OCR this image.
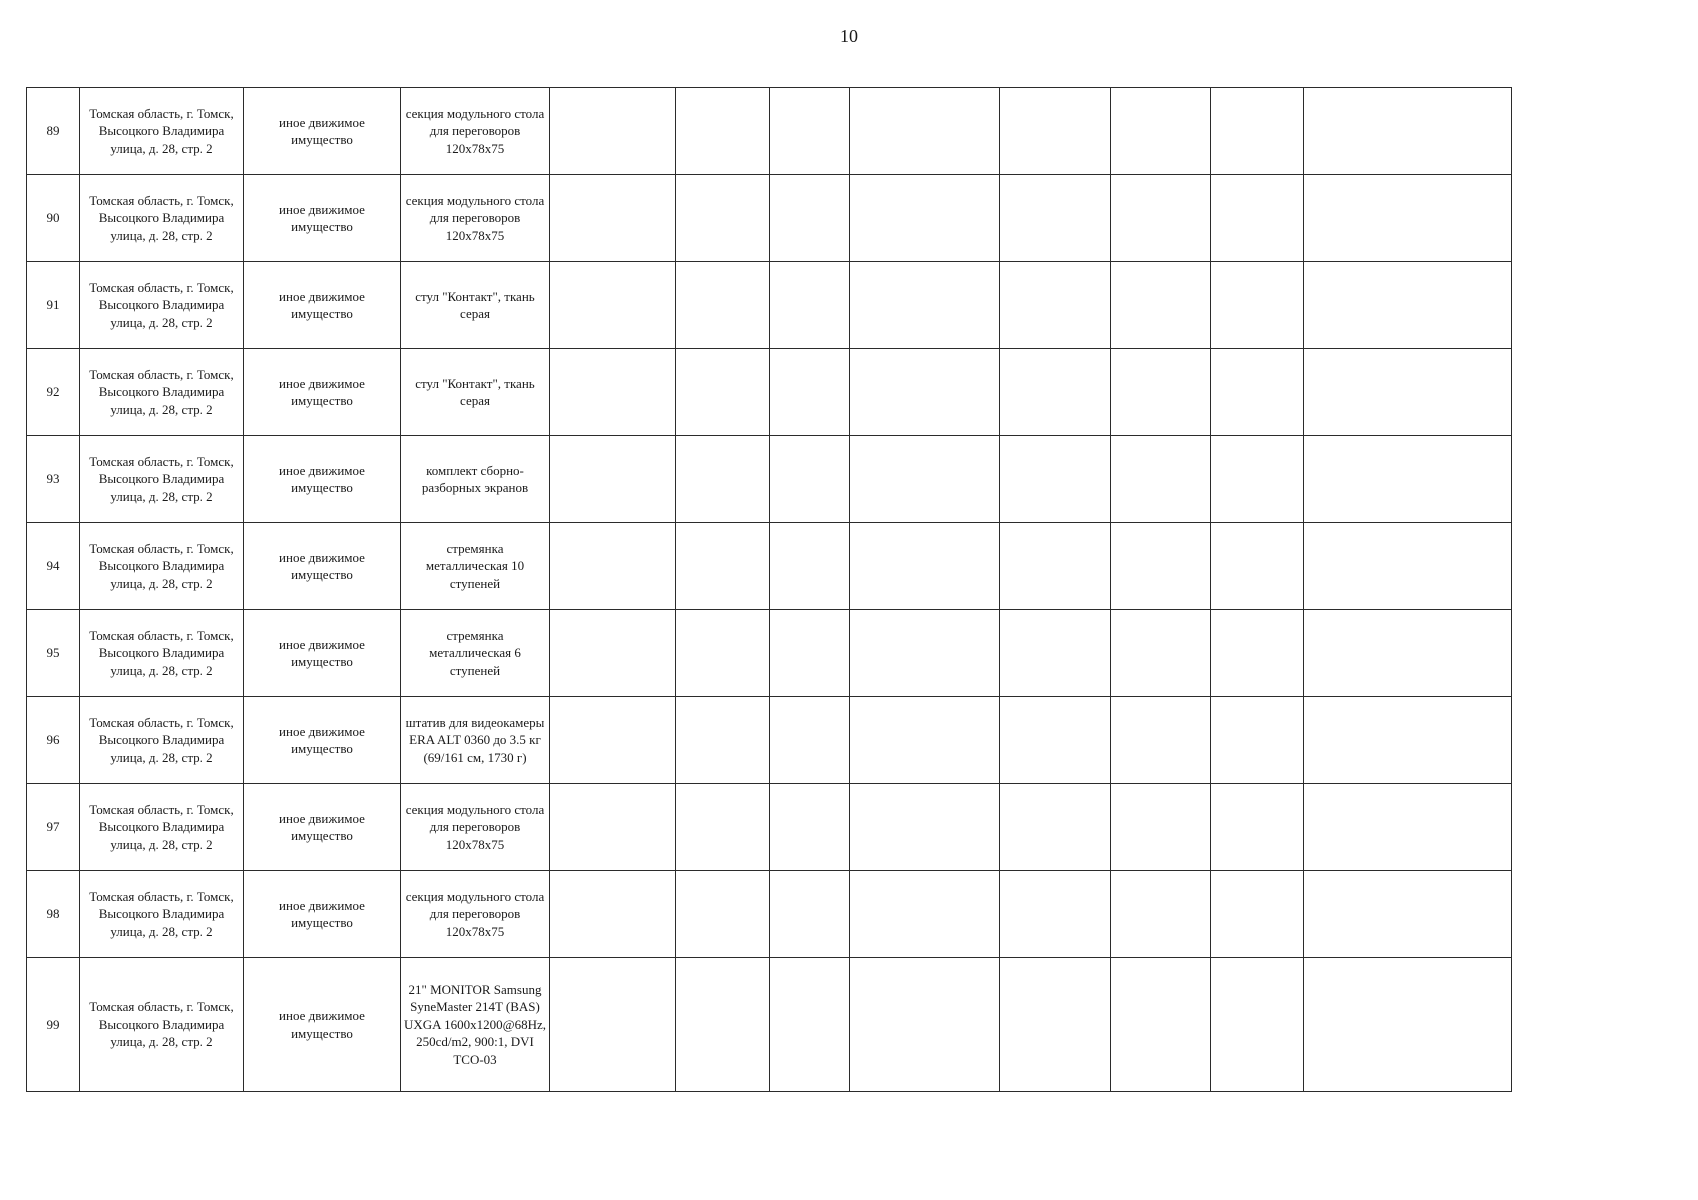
10
89	Томская область, г. Томск, Высоцкого Владимира улица, д. 28, стр. 2	иное движимое имущество	секция модульного стола для переговоров 120х78х75								
90	Томская область, г. Томск, Высоцкого Владимира улица, д. 28, стр. 2	иное движимое имущество	секция модульного стола для переговоров 120х78х75								
91	Томская область, г. Томск, Высоцкого Владимира улица, д. 28, стр. 2	иное движимое имущество	стул "Контакт", ткань серая								
92	Томская область, г. Томск, Высоцкого Владимира улица, д. 28, стр. 2	иное движимое имущество	стул "Контакт", ткань серая								
93	Томская область, г. Томск, Высоцкого Владимира улица, д. 28, стр. 2	иное движимое имущество	комплект сборно-разборных экранов								
94	Томская область, г. Томск, Высоцкого Владимира улица, д. 28, стр. 2	иное движимое имущество	стремянка металлическая 10 ступеней								
95	Томская область, г. Томск, Высоцкого Владимира улица, д. 28, стр. 2	иное движимое имущество	стремянка металлическая 6 ступеней								
96	Томская область, г. Томск, Высоцкого Владимира улица, д. 28, стр. 2	иное движимое имущество	штатив для видеокамеры ERA ALT 0360 до 3.5 кг (69/161 см, 1730 г)								
97	Томская область, г. Томск, Высоцкого Владимира улица, д. 28, стр. 2	иное движимое имущество	секция модульного стола для переговоров 120х78х75								
98	Томская область, г. Томск, Высоцкого Владимира улица, д. 28, стр. 2	иное движимое имущество	секция модульного стола для переговоров 120х78х75								
99	Томская область, г. Томск, Высоцкого Владимира улица, д. 28, стр. 2	иное движимое имущество	21" MONITOR Samsung SyneMaster 214T (BAS) UXGA 1600x1200@68Hz, 250cd/m2, 900:1, DVI TCO-03								
